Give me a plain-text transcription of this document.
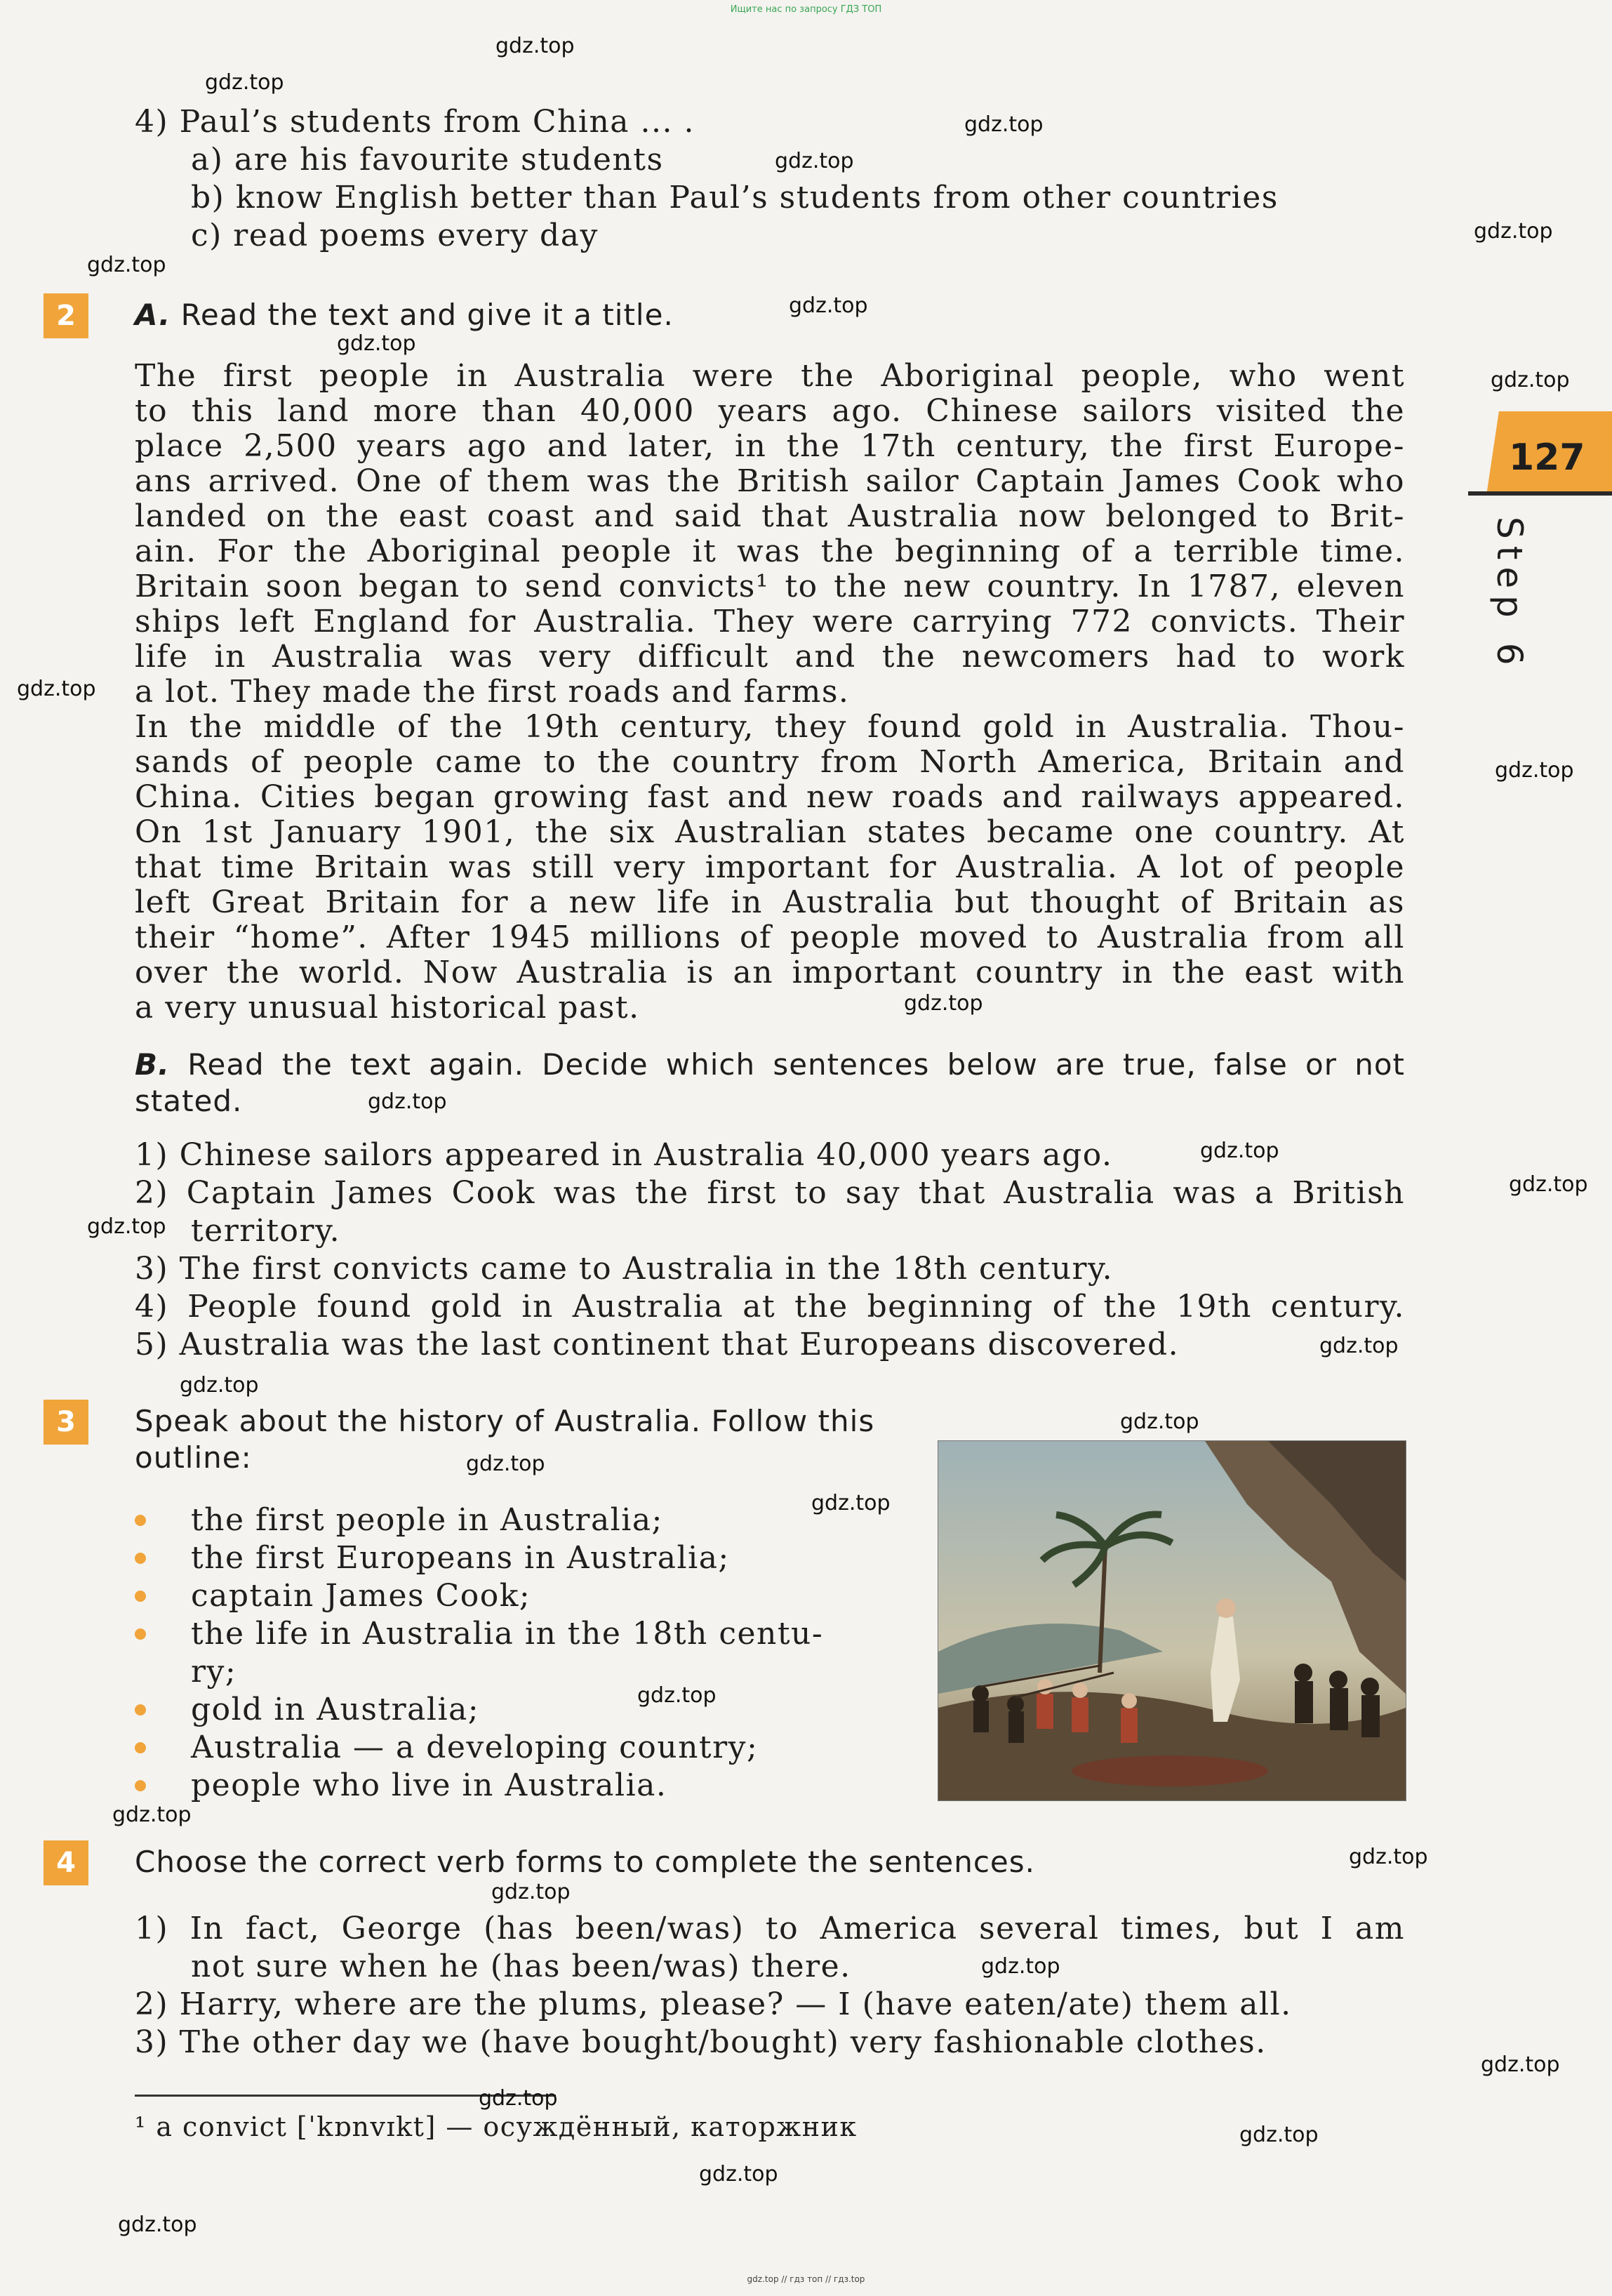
Ищите нас по запросу ГДЗ ТОП
127
Step 6
4) Paul’s students from China ... .
a) are his favourite students
b) know English better than Paul’s students from other countries
c) read poems every day
2	A. Read the text and give it a title.
The first people in Australia were the Aboriginal people, who went
to this land more than 40,000 years ago. Chinese sailors visited the
place 2,500 years ago and later, in the 17th century, the first Europe-
ans arrived. One of them was the British sailor Captain James Cook who
landed on the east coast and said that Australia now belonged to Brit-
ain. For the Aboriginal people it was the beginning of a terrible time.
Britain soon began to send convicts¹ to the new country. In 1787, eleven
ships left England for Australia. They were carrying 772 convicts. Their
life in Australia was very difficult and the newcomers had to work
a lot. They made the first roads and farms.
In the middle of the 19th century, they found gold in Australia. Thou-
sands of people came to the country from North America, Britain and
China. Cities began growing fast and new roads and railways appeared.
On 1st January 1901, the six Australian states became one country. At
that time Britain was still very important for Australia. A lot of people
left Great Britain for a new life in Australia but thought of Britain as
their “home”. After 1945 millions of people moved to Australia from all
over the world. Now Australia is an important country in the east with
a very unusual historical past.
B. Read the text again. Decide which sentences below are true, false or not
stated.
1) Chinese sailors appeared in Australia 40,000 years ago.
2) Captain James Cook was the first to say that Australia was a British
territory.
3) The first convicts came to Australia in the 18th century.
4) People found gold in Australia at the beginning of the 19th century.
5) Australia was the last continent that Europeans discovered.
3	Speak about the history of Australia. Follow this
outline:
the first people in Australia;
the first Europeans in Australia;
captain James Cook;
the life in Australia in the 18th centu-
ry;
gold in Australia;
Australia — a developing country;
people who live in Australia.
4	Choose the correct verb forms to complete the sentences.
1) In fact, George (has been/was) to America several times, but I am
not sure when he (has been/was) there.
2) Harry, where are the plums, please? — I (have eaten/ate) them all.
3) The other day we (have bought/bought) very fashionable clothes.
¹ a convict [ˈkɒnvɪkt] — осуждённый, каторжник
gdz.top
gdz.top
gdz.top
gdz.top
gdz.top
gdz.top
gdz.top
gdz.top
gdz.top
gdz.top
gdz.top
gdz.top
gdz.top
gdz.top
gdz.top
gdz.top
gdz.top
gdz.top
gdz.top
gdz.top
gdz.top
gdz.top
gdz.top
gdz.top
gdz.top
gdz.top
gdz.top
gdz.top
gdz.top
gdz.top
gdz.top
gdz.top // гдз топ // гдз.top
